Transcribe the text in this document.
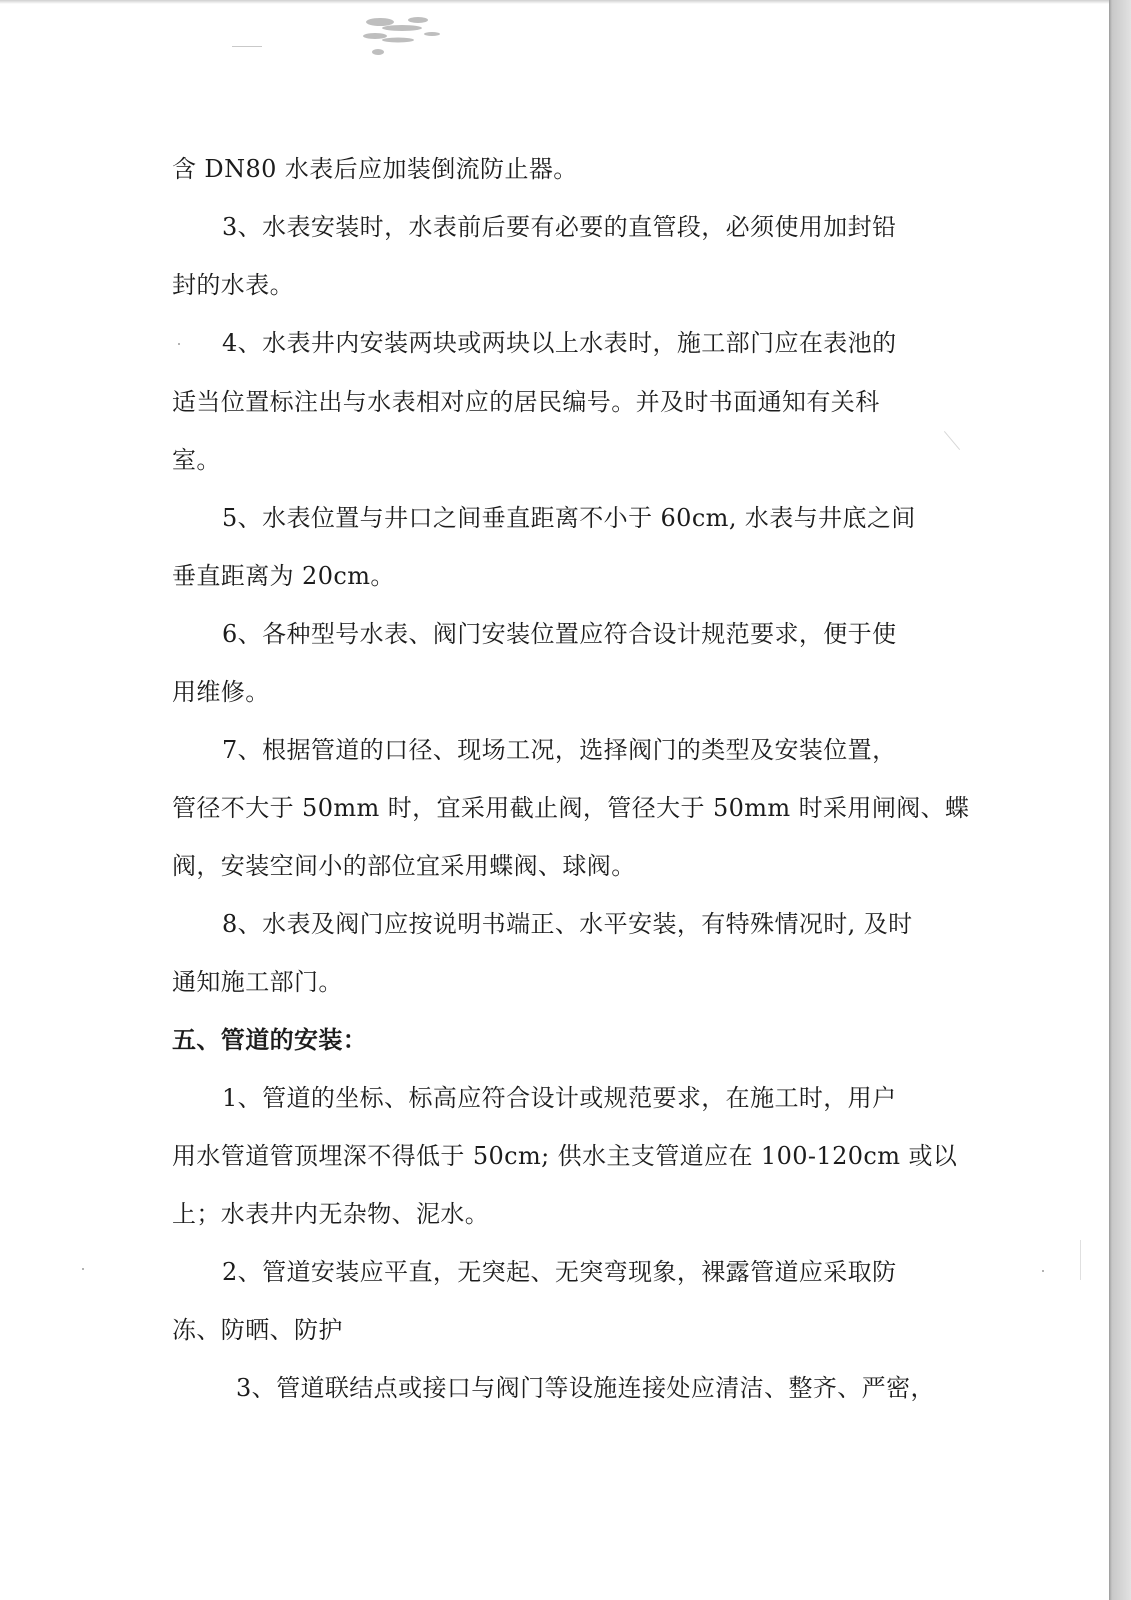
含 DN80 水表后应加装倒流防止器。
3、水表安装时，水表前后要有必要的直管段，必须使用加封铅
封的水表。
4、水表井内安装两块或两块以上水表时，施工部门应在表池的
适当位置标注出与水表相对应的居民编号。并及时书面通知有关科
室。
5、水表位置与井口之间垂直距离不小于 60cm, 水表与井底之间
垂直距离为 20cm。
6、各种型号水表、阀门安装位置应符合设计规范要求，便于使
用维修。
7、根据管道的口径、现场工况，选择阀门的类型及安装位置，
管径不大于 50mm 时，宜采用截止阀，管径大于 50mm 时采用闸阀、蝶
阀，安装空间小的部位宜采用蝶阀、球阀。
8、水表及阀门应按说明书端正、水平安装，有特殊情况时, 及时
通知施工部门。
五、管道的安装：
1、管道的坐标、标高应符合设计或规范要求，在施工时，用户
用水管道管顶埋深不得低于 50cm; 供水主支管道应在 100-120cm 或以
上；水表井内无杂物、泥水。
2、管道安装应平直，无突起、无突弯现象，裸露管道应采取防
冻、防晒、防护
3、管道联结点或接口与阀门等设施连接处应清洁、整齐、严密，
